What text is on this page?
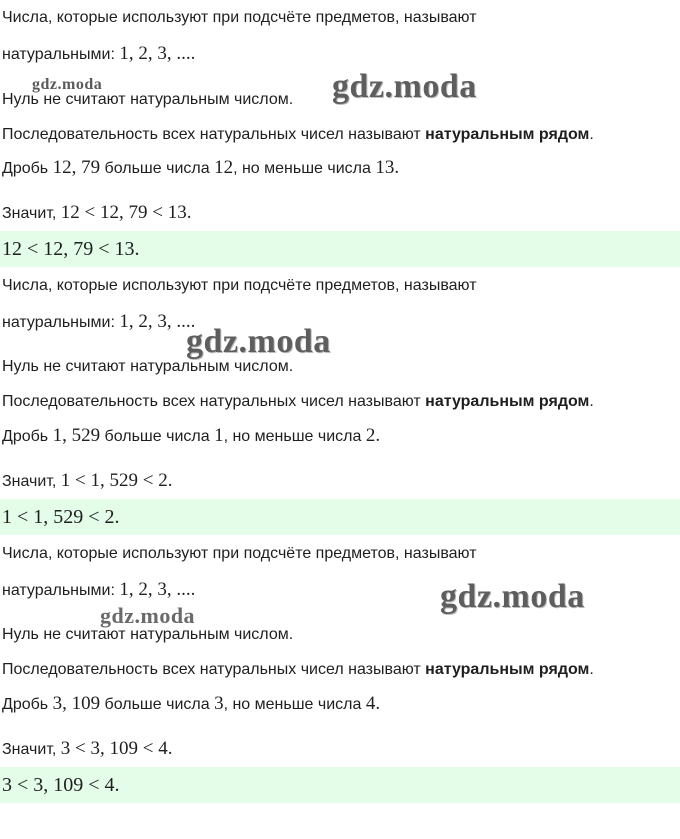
Числа, которые используют при подсчёте предметов, называют
натуральными: 1, 2, 3, ....
Нуль не считают натуральным числом.
Последовательность всех натуральных чисел называют натуральным рядом.
Дробь 12, 79 больше числа 12, но меньше числа 13.
Значит, 12 < 12, 79 < 13.
12 < 12, 79 < 13.
Числа, которые используют при подсчёте предметов, называют
натуральными: 1, 2, 3, ....
Нуль не считают натуральным числом.
Последовательность всех натуральных чисел называют натуральным рядом.
Дробь 1, 529 больше числа 1, но меньше числа 2.
Значит, 1 < 1, 529 < 2.
1 < 1, 529 < 2.
Числа, которые используют при подсчёте предметов, называют
натуральными: 1, 2, 3, ....
Нуль не считают натуральным числом.
Последовательность всех натуральных чисел называют натуральным рядом.
Дробь 3, 109 больше числа 3, но меньше числа 4.
Значит, 3 < 3, 109 < 4.
3 < 3, 109 < 4.
gdz.moda	gdz.moda
gdz.moda
gdz.moda
gdz.moda
